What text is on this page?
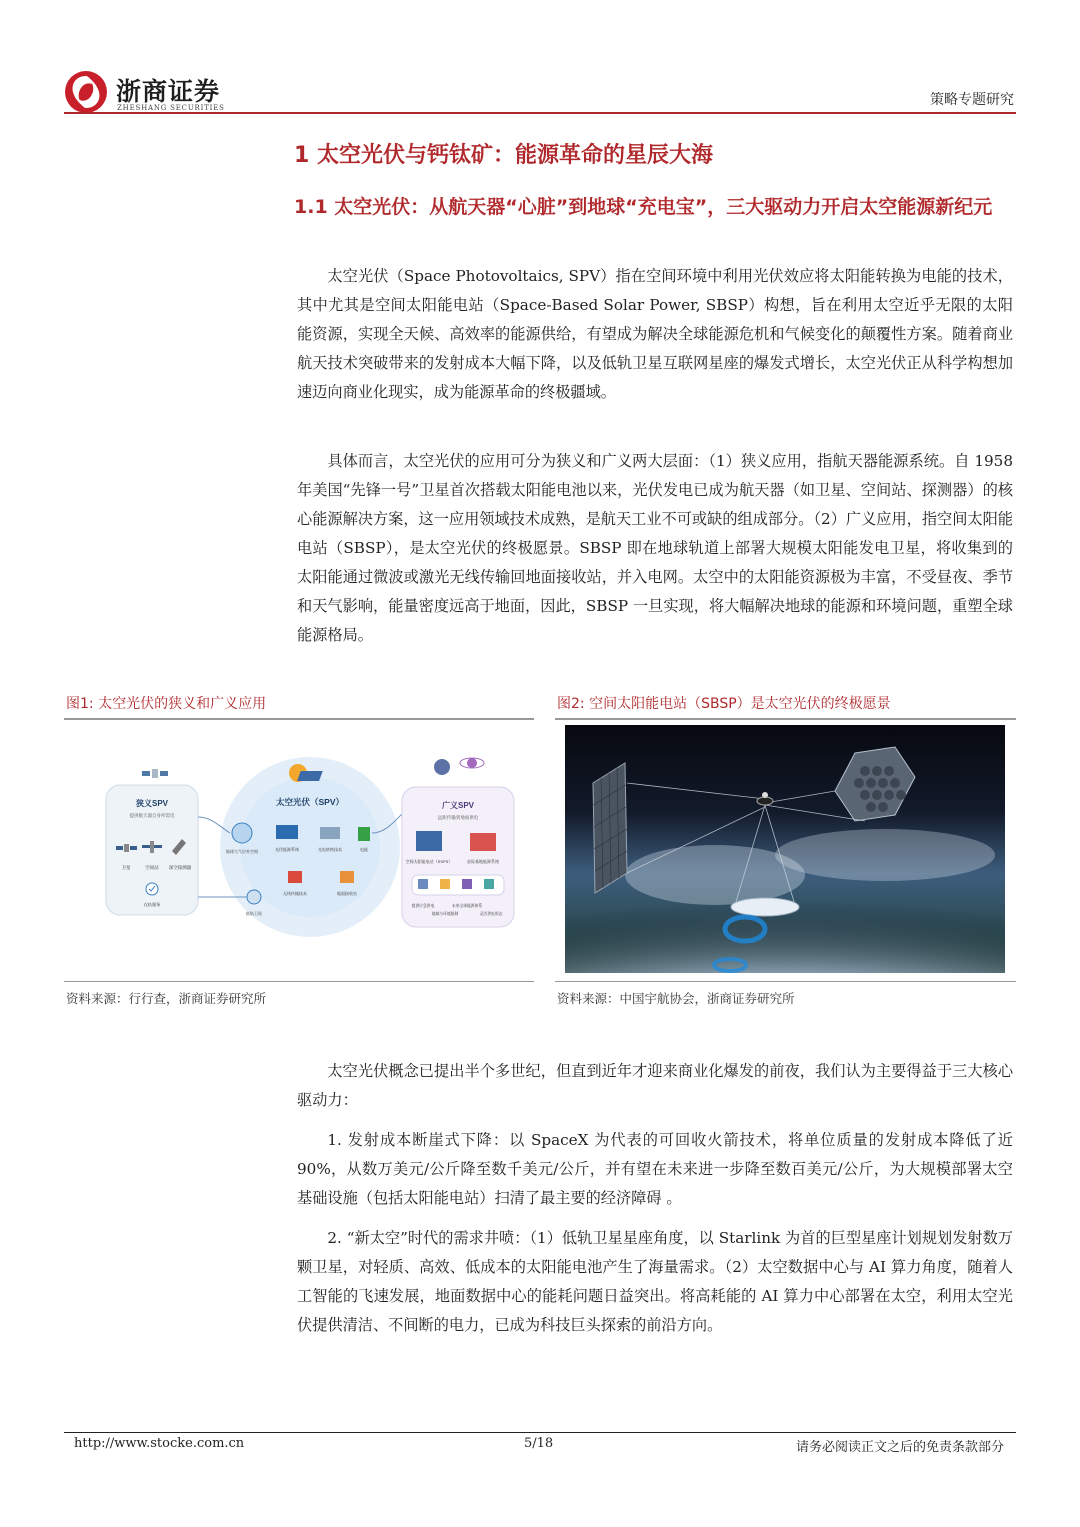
浙商证券
ZHESHANG SECURITIES	策略专题研究
1 太空光伏与钙钛矿：能源革命的星辰大海
1.1 太空光伏：从航天器“心脏”到地球“充电宝”，三大驱动力开启太空能源新纪元

太空光伏（Space Photovoltaics, SPV）指在空间环境中利用光伏效应将太阳能转换为电能的技术，其中尤其是空间太阳能电站（Space-Based Solar Power, SBSP）构想，旨在利用太空近乎无限的太阳能资源，实现全天候、高效率的能源供给，有望成为解决全球能源危机和气候变化的颠覆性方案。随着商业航天技术突破带来的发射成本大幅下降，以及低轨卫星互联网星座的爆发式增长，太空光伏正从科学构想加速迈向商业化现实，成为能源革命的终极疆域。

具体而言，太空光伏的应用可分为狭义和广义两大层面：（1）狭义应用，指航天器能源系统。自 1958 年美国“先锋一号”卫星首次搭载太阳能电池以来，光伏发电已成为航天器（如卫星、空间站、探测器）的核心能源解决方案，这一应用领域技术成熟，是航天工业不可或缺的组成部分。（2）广义应用，指空间太阳能电站（SBSP），是太空光伏的终极愿景。SBSP 即在地球轨道上部署大规模太阳能发电卫星，将收集到的太阳能通过微波或激光无线传输回地面接收站，并入电网。太空中的太阳能资源极为丰富，不受昼夜、季节和天气影响，能量密度远高于地面，因此，SBSP 一旦实现，将大幅解决地球的能源和环境问题，重塑全球能源格局。

图1: 太空光伏的狭义和广义应用
狭义SPV
提供航天器自身所需电
卫星	空间站 深空探测器
在轨服务
太空光伏（SPV）
地球大气层外空间	光伏能源系统	光电转换技术	电能
无线传输技术	地面接收站
低轨卫星
广义SPV
远距传输到地面供电
空间太阳能电站（SSPS）	星际基地能源系统
提供应急供电
地域与环境限制
未来全球能源体系
灵活供电形态
资料来源：行行查，浙商证券研究所
图2: 空间太阳能电站（SBSP）是太空光伏的终极愿景
资料来源：中国宇航协会，浙商证券研究所

太空光伏概念已提出半个多世纪，但直到近年才迎来商业化爆发的前夜，我们认为主要得益于三大核心驱动力：

1. 发射成本断崖式下降：以 SpaceX 为代表的可回收火箭技术，将单位质量的发射成本降低了近 90%，从数万美元/公斤降至数千美元/公斤，并有望在未来进一步降至数百美元/公斤，为大规模部署太空基础设施（包括太阳能电站）扫清了最主要的经济障碍 。

2. “新太空”时代的需求井喷：（1）低轨卫星星座角度，以 Starlink 为首的巨型星座计划规划发射数万颗卫星，对轻质、高效、低成本的太阳能电池产生了海量需求。（2）太空数据中心与 AI 算力角度，随着人工智能的飞速发展，地面数据中心的能耗问题日益突出。将高耗能的 AI 算力中心部署在太空，利用太空光伏提供清洁、不间断的电力，已成为科技巨头探索的前沿方向。

http://www.stocke.com.cn	5/18	请务必阅读正文之后的免责条款部分
